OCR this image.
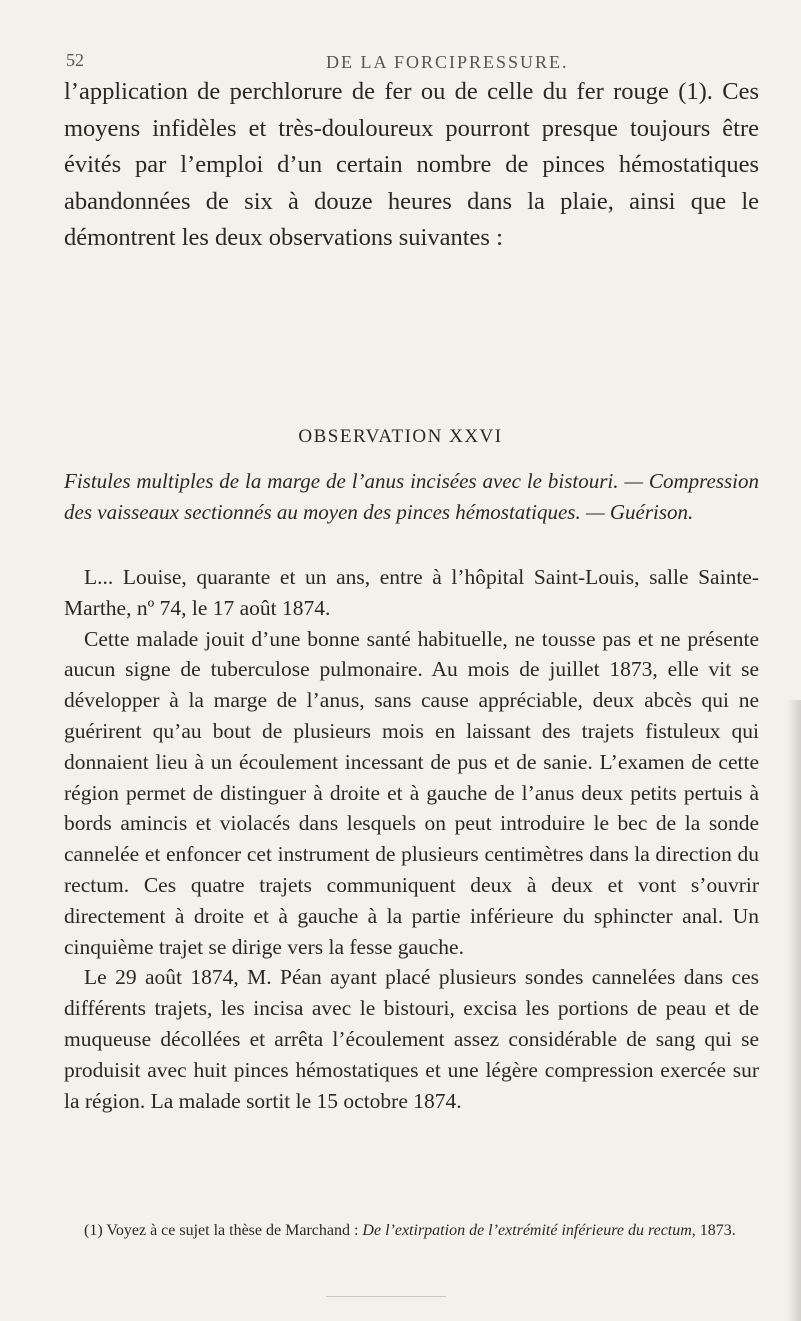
52	DE LA FORCIPRESSURE.

l’application de perchlorure de fer ou de celle du fer rouge (1). Ces moyens infidèles et très-douloureux pourront presque toujours être évités par l’emploi d’un certain nombre de pinces hémostatiques abandonnées de six à douze heures dans la plaie, ainsi que le démontrent les deux observations suivantes :

OBSERVATION XXVI

Fistules multiples de la marge de l’anus incisées avec le bistouri. — Compression des vaisseaux sectionnés au moyen des pinces hémostatiques. — Guérison.

L... Louise, quarante et un ans, entre à l’hôpital Saint-Louis, salle Sainte-Marthe, nº 74, le 17 août 1874.

Cette malade jouit d’une bonne santé habituelle, ne tousse pas et ne présente aucun signe de tuberculose pulmonaire. Au mois de juillet 1873, elle vit se développer à la marge de l’anus, sans cause appréciable, deux abcès qui ne guérirent qu’au bout de plusieurs mois en laissant des trajets fistuleux qui donnaient lieu à un écoulement incessant de pus et de sanie. L’examen de cette région permet de distinguer à droite et à gauche de l’anus deux petits pertuis à bords amincis et violacés dans lesquels on peut introduire le bec de la sonde cannelée et enfoncer cet instrument de plusieurs centimètres dans la direction du rectum. Ces quatre trajets communiquent deux à deux et vont s’ouvrir directement à droite et à gauche à la partie inférieure du sphincter anal. Un cinquième trajet se dirige vers la fesse gauche.

Le 29 août 1874, M. Péan ayant placé plusieurs sondes cannelées dans ces différents trajets, les incisa avec le bistouri, excisa les portions de peau et de muqueuse décollées et arrêta l’écoulement assez considérable de sang qui se produisit avec huit pinces hémostatiques et une légère compression exercée sur la région. La malade sortit le 15 octobre 1874.

(1) Voyez à ce sujet la thèse de Marchand : De l’extirpation de l’extrémité inférieure du rectum, 1873.
